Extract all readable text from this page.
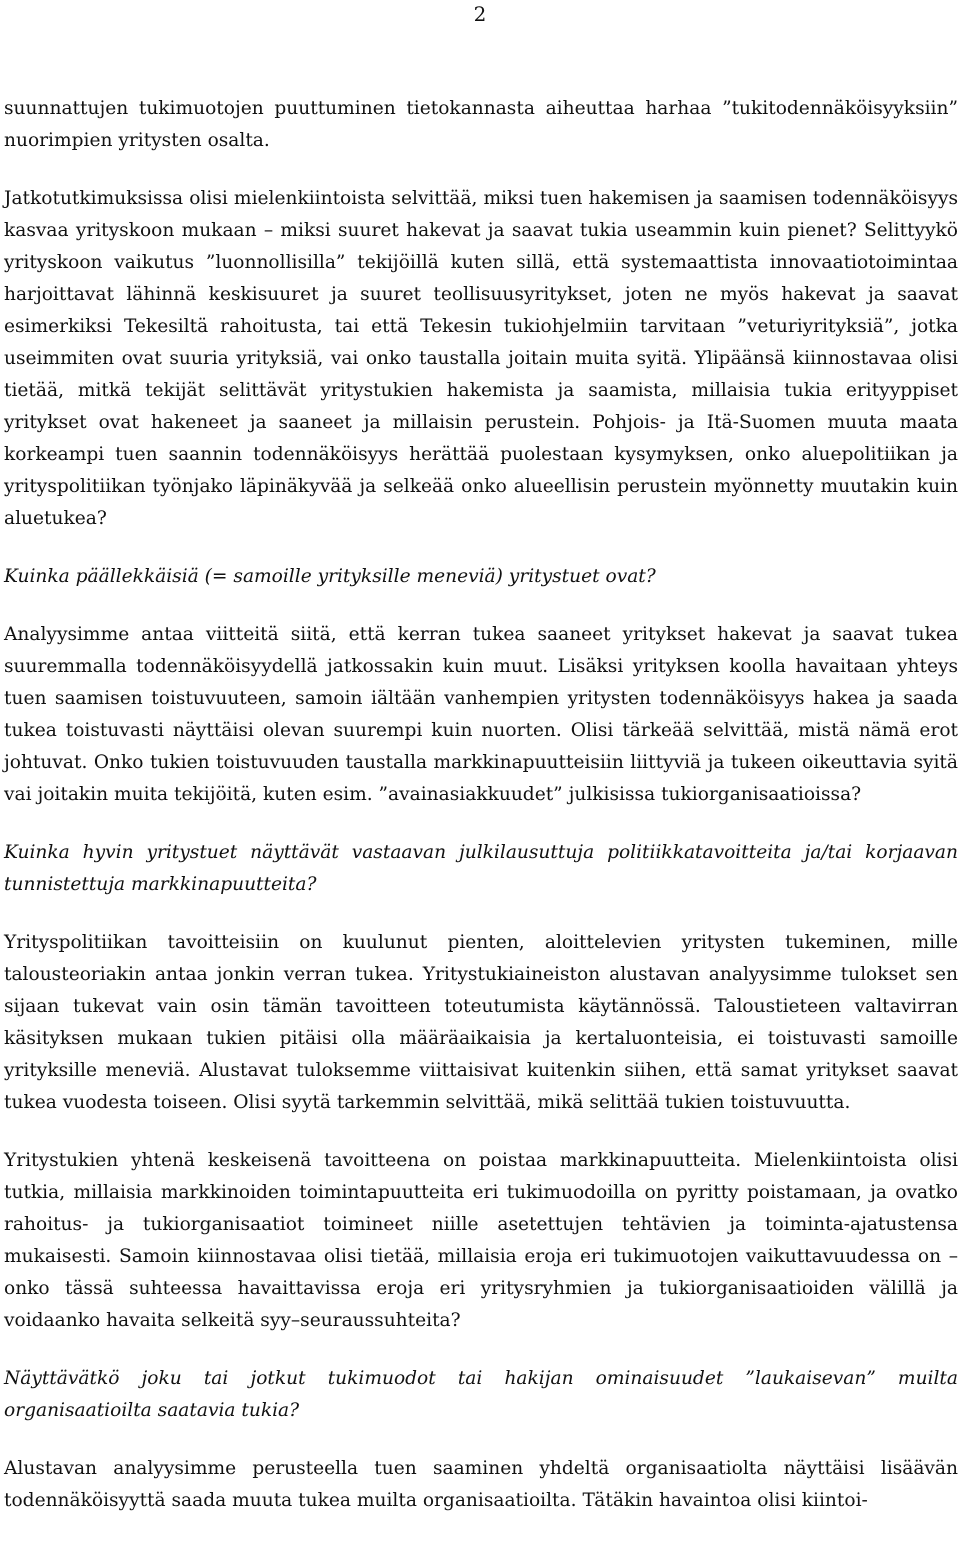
2

suunnattujen tukimuotojen puuttuminen tietokannasta aiheuttaa harhaa ”tukitodennäköisyyksiin” nuorimpien yritysten osalta.

Jatkotutkimuksissa olisi mielenkiintoista selvittää, miksi tuen hakemisen ja saamisen todennäköisyys kasvaa yrityskoon mukaan – miksi suuret hakevat ja saavat tukia useammin kuin pienet? Selittyykö yrityskoon vaikutus ”luonnollisilla” tekijöillä kuten sillä, että systemaattista innovaatiotoimintaa harjoittavat lähinnä keskisuuret ja suuret teollisuusyritykset, joten ne myös hakevat ja saavat esimerkiksi Tekesiltä rahoitusta, tai että Tekesin tukiohjelmiin tarvitaan ”veturiyrityksiä”, jotka useimmiten ovat suuria yrityksiä, vai onko taustalla joitain muita syitä. Ylipäänsä kiinnostavaa olisi tietää, mitkä tekijät selittävät yritystukien hakemista ja saamista, millaisia tukia erityyppiset yritykset ovat hakeneet ja saaneet ja millaisin perustein. Pohjois- ja Itä-Suomen muuta maata korkeampi tuen saannin todennäköisyys herättää puolestaan kysymyksen, onko aluepolitiikan ja yrityspolitiikan työnjako läpinäkyvää ja selkeää onko alueellisin perustein myönnetty muutakin kuin aluetukea?

Kuinka päällekkäisiä (= samoille yrityksille meneviä) yritystuet ovat?

Analyysimme antaa viitteitä siitä, että kerran tukea saaneet yritykset hakevat ja saavat tukea suuremmalla todennäköisyydellä jatkossakin kuin muut. Lisäksi yrityksen koolla havaitaan yhteys tuen saamisen toistuvuuteen, samoin iältään vanhempien yritysten todennäköisyys hakea ja saada tukea toistuvasti näyttäisi olevan suurempi kuin nuorten. Olisi tärkeää selvittää, mistä nämä erot johtuvat. Onko tukien toistuvuuden taustalla markkinapuutteisiin liittyviä ja tukeen oikeuttavia syitä vai joitakin muita tekijöitä, kuten esim. ”avainasiakkuudet” julkisissa tukiorganisaatioissa?

Kuinka hyvin yritystuet näyttävät vastaavan julkilausuttuja politiikkatavoitteita ja/tai korjaavan tunnistettuja markkinapuutteita?

Yrityspolitiikan tavoitteisiin on kuulunut pienten, aloittelevien yritysten tukeminen, mille talousteoriakin antaa jonkin verran tukea. Yritystukiaineiston alustavan analyysimme tulokset sen sijaan tukevat vain osin tämän tavoitteen toteutumista käytännössä. Taloustieteen valtavirran käsityksen mukaan tukien pitäisi olla määräaikaisia ja kertaluonteisia, ei toistuvasti samoille yrityksille meneviä. Alustavat tuloksemme viittaisivat kuitenkin siihen, että samat yritykset saavat tukea vuodesta toiseen. Olisi syytä tarkemmin selvittää, mikä selittää tukien toistuvuutta.

Yritystukien yhtenä keskeisenä tavoitteena on poistaa markkinapuutteita. Mielenkiintoista olisi tutkia, millaisia markkinoiden toimintapuutteita eri tukimuodoilla on pyritty poistamaan, ja ovatko rahoitus- ja tukiorganisaatiot toimineet niille asetettujen tehtävien ja toiminta-ajatustensa mukaisesti. Samoin kiinnostavaa olisi tietää, millaisia eroja eri tukimuotojen vaikuttavuudessa on – onko tässä suhteessa havaittavissa eroja eri yritysryhmien ja tukiorganisaatioiden välillä ja voidaanko havaita selkeitä syy–seuraussuhteita?

Näyttävätkö joku tai jotkut tukimuodot tai hakijan ominaisuudet ”laukaisevan” muilta organisaatioilta saatavia tukia?

Alustavan analyysimme perusteella tuen saaminen yhdeltä organisaatiolta näyttäisi lisäävän todennäköisyyttä saada muuta tukea muilta organisaatioilta. Tätäkin havaintoa olisi kiintoi-
